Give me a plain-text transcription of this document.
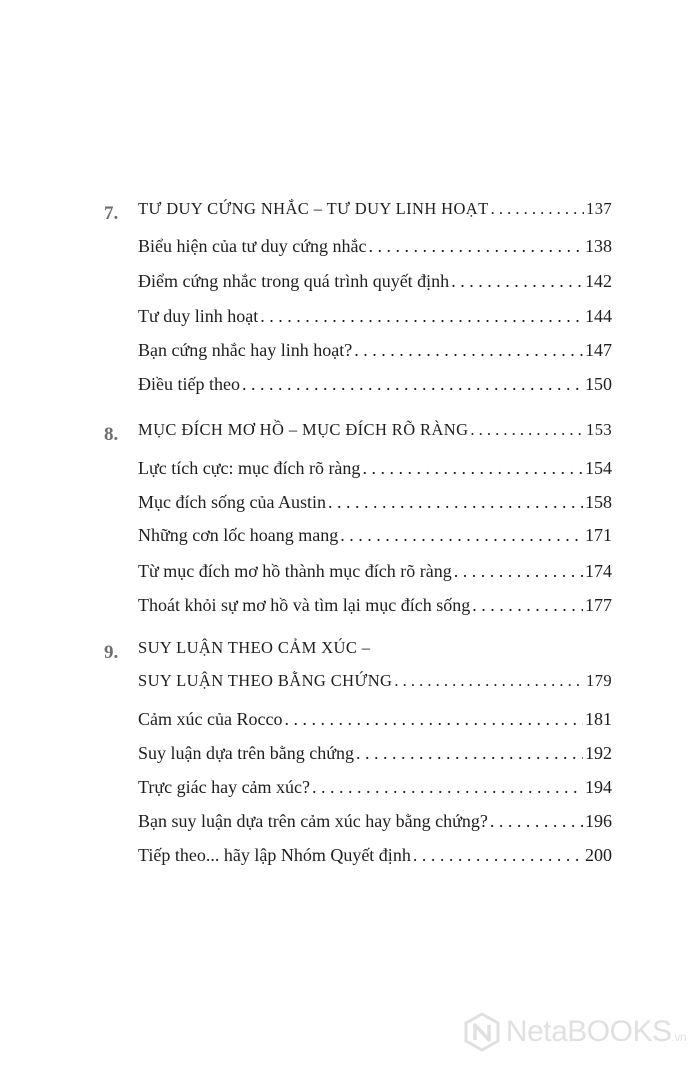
7. TƯ DUY CỨNG NHẮC – TƯ DUY LINH HOẠT . . .	137
Biểu hiện của tư duy cứng nhắc . . .	138
Điểm cứng nhắc trong quá trình quyết định . . .	142
Tư duy linh hoạt . . .	144
Bạn cứng nhắc hay linh hoạt? . . .	147
Điều tiếp theo . . .	150
8. MỤC ĐÍCH MƠ HỒ – MỤC ĐÍCH RÕ RÀNG . . .	153
Lực tích cực: mục đích rõ ràng . . .	154
Mục đích sống của Austin . . .	158
Những cơn lốc hoang mang . . .	171
Từ mục đích mơ hồ thành mục đích rõ ràng . . .	174
Thoát khỏi sự mơ hồ và tìm lại mục đích sống . . .	177
9. SUY LUẬN THEO CẢM XÚC –
SUY LUẬN THEO BẰNG CHỨNG . . .	179
Cảm xúc của Rocco . . .	181
Suy luận dựa trên bằng chứng . . .	192
Trực giác hay cảm xúc? . . .	194
Bạn suy luận dựa trên cảm xúc hay bằng chứng? . . .	196
Tiếp theo... hãy lập Nhóm Quyết định . . .	200
NetaBOOKS.vn
